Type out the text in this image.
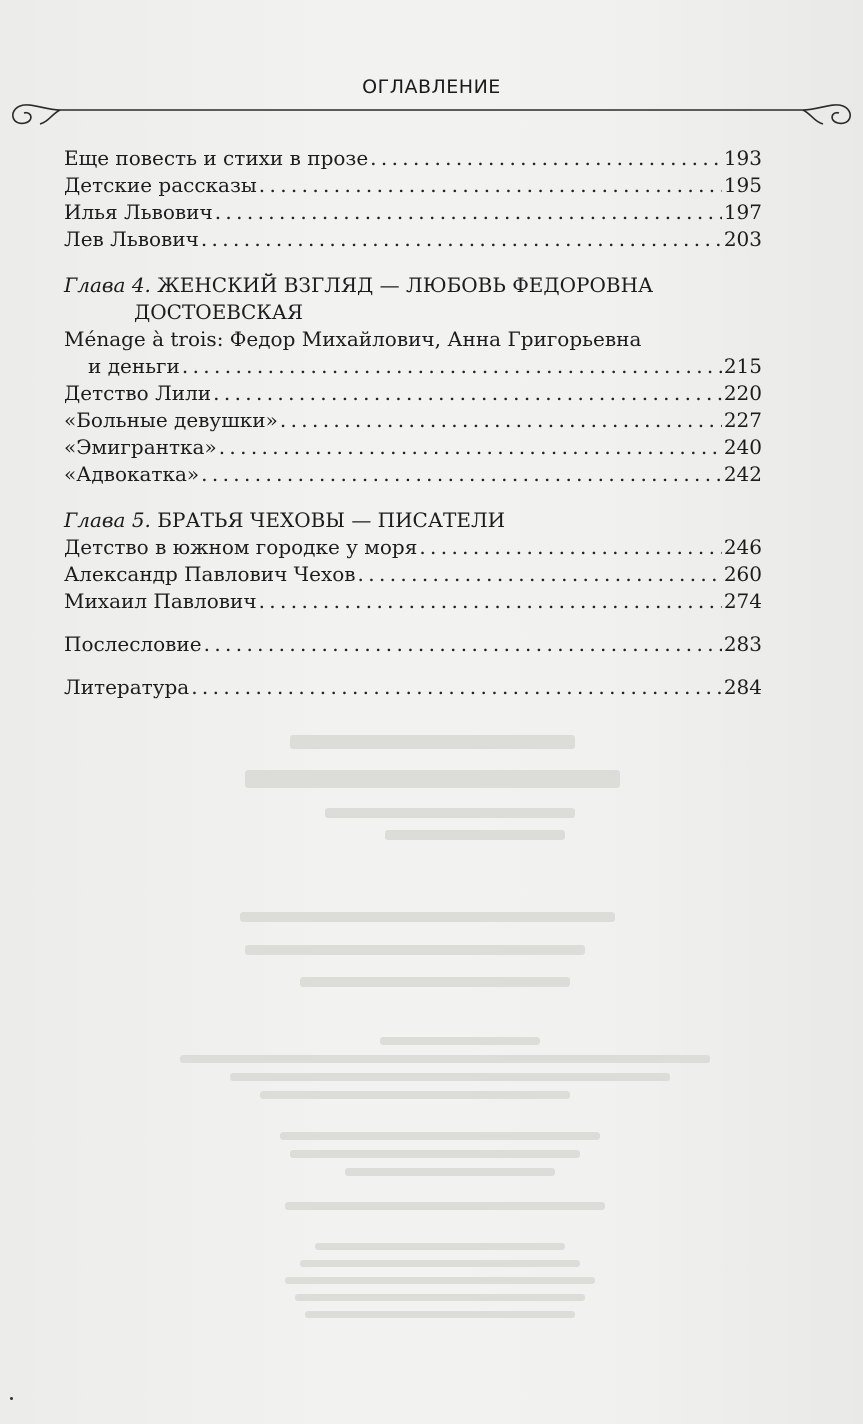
ОГЛАВЛЕНИЕ
Еще повесть и стихи в прозе . . .	193
Детские рассказы . . .	195
Илья Львович . . .	197
Лев Львович . . .	203
Глава 4. ЖЕНСКИЙ ВЗГЛЯД — ЛЮБОВЬ ФЕДОРОВНА
ДОСТОЕВСКАЯ
Ménage à trois: Федор Михайлович, Анна Григорьевна
и деньги . . .	215
Детство Лили . . .	220
«Больные девушки» . . .	227
«Эмигрантка» . . .	240
«Адвокатка» . . .	242
Глава 5. БРАТЬЯ ЧЕХОВЫ — ПИСАТЕЛИ
Детство в южном городке у моря . . .	246
Александр Павлович Чехов . . .	260
Михаил Павлович . . .	274
Послесловие . . .	283
Литература . . .	284
